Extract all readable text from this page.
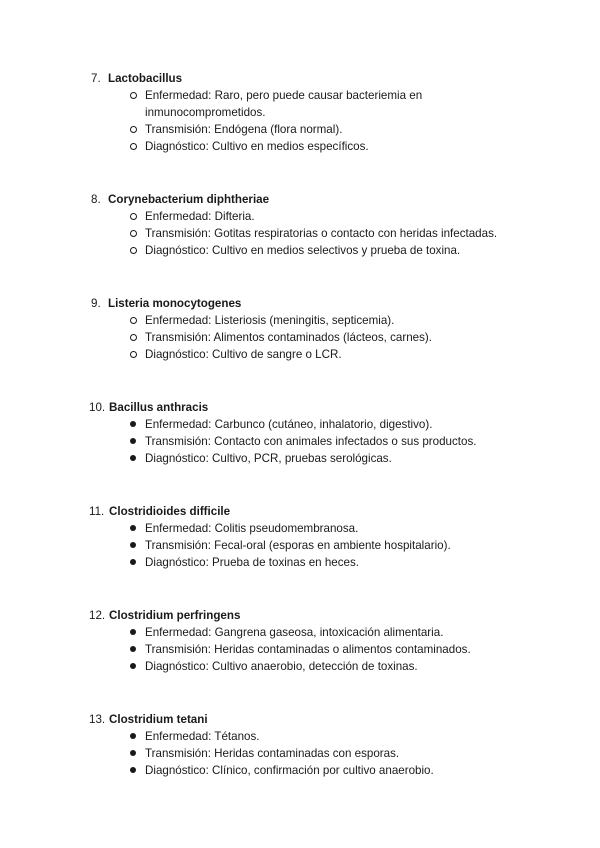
7. Lactobacillus
Enfermedad: Raro, pero puede causar bacteriemia en inmunocomprometidos.
Transmisión: Endógena (flora normal).
Diagnóstico: Cultivo en medios específicos.
8. Corynebacterium diphtheriae
Enfermedad: Difteria.
Transmisión: Gotitas respiratorias o contacto con heridas infectadas.
Diagnóstico: Cultivo en medios selectivos y prueba de toxina.
9. Listeria monocytogenes
Enfermedad: Listeriosis (meningitis, septicemia).
Transmisión: Alimentos contaminados (lácteos, carnes).
Diagnóstico: Cultivo de sangre o LCR.
10. Bacillus anthracis
Enfermedad: Carbunco (cutáneo, inhalatorio, digestivo).
Transmisión: Contacto con animales infectados o sus productos.
Diagnóstico: Cultivo, PCR, pruebas serológicas.
11. Clostridioides difficile
Enfermedad: Colitis pseudomembranosa.
Transmisión: Fecal-oral (esporas en ambiente hospitalario).
Diagnóstico: Prueba de toxinas en heces.
12. Clostridium perfringens
Enfermedad: Gangrena gaseosa, intoxicación alimentaria.
Transmisión: Heridas contaminadas o alimentos contaminados.
Diagnóstico: Cultivo anaerobio, detección de toxinas.
13. Clostridium tetani
Enfermedad: Tétanos.
Transmisión: Heridas contaminadas con esporas.
Diagnóstico: Clínico, confirmación por cultivo anaerobio.
